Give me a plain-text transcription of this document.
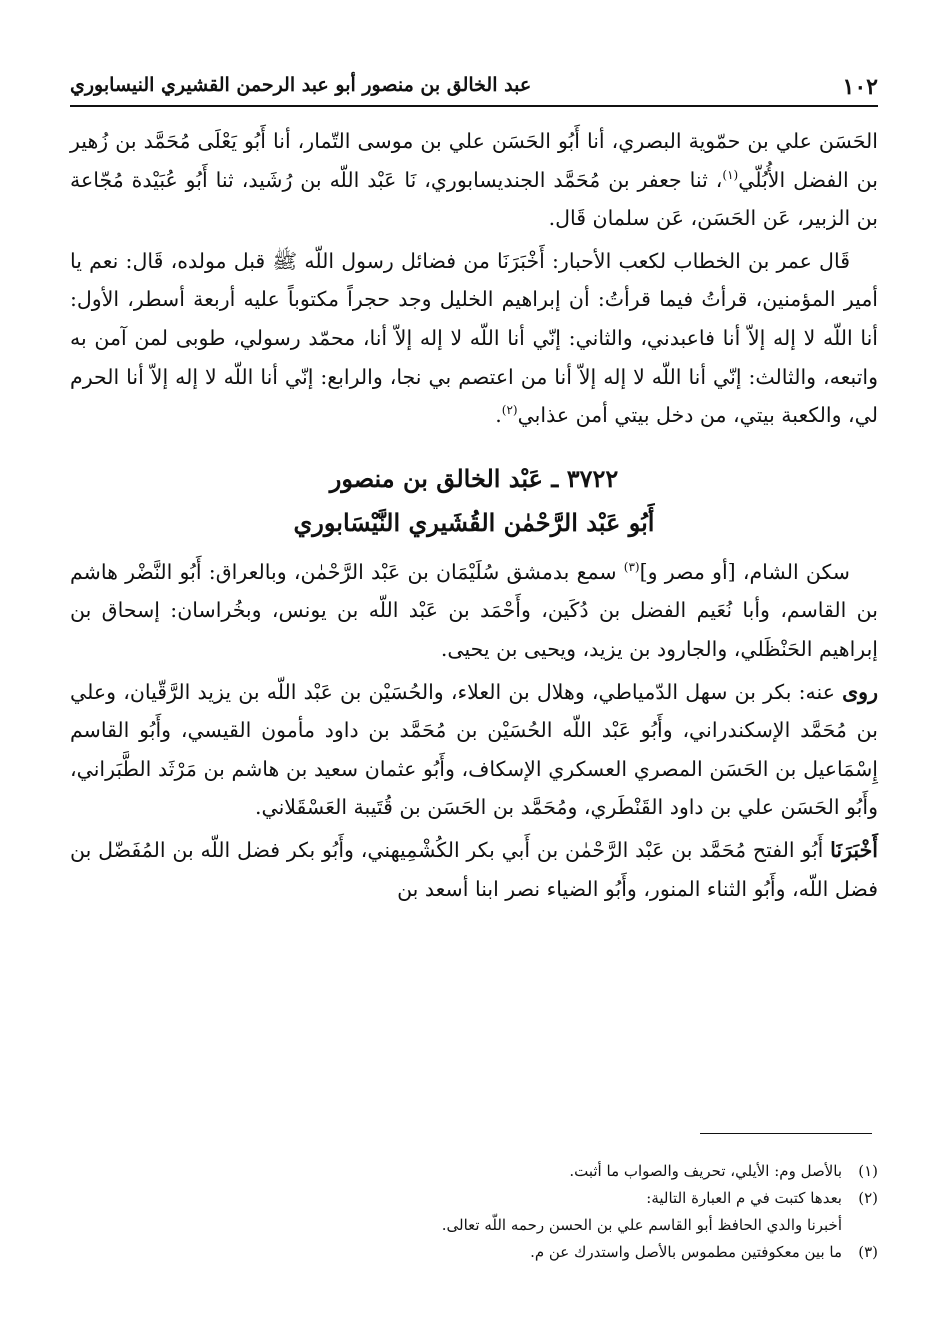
١٠٢
عبد الخالق بن منصور أبو عبد الرحمن القشيري النيسابوري

الحَسَن علي بن حمّوية البصري، أنا أَبُو الحَسَن علي بن موسى التّمار، أنا أَبُو يَعْلَى مُحَمَّد بن زُهير بن الفضل الأُبُلّي$^{(١)}$، ثنا جعفر بن مُحَمَّد الجنديسابوري، نَا عَبْد اللّه بن رُشَيد، ثنا أَبُو عُبَيْدة مُجّاعة بن الزبير، عَن الحَسَن، عَن سلمان قَال.

قَال عمر بن الخطاب لكعب الأحبار: أَخْبَرَنَا من فضائل رسول اللّه ﷺ قبل مولده، قَال: نعم يا أمير المؤمنين، قرأتُ فيما قرأتُ: أن إبراهيم الخليل وجد حجراً مكتوباً عليه أربعة أسطر، الأول: أنا اللّه لا إله إلاّ أنا فاعبدني، والثاني: إنّي أنا اللّه لا إله إلاّ أنا، محمّد رسولي، طوبى لمن آمن به واتبعه، والثالث: إنّي أنا اللّه لا إله إلاّ أنا من اعتصم بي نجا، والرابع: إنّي أنا اللّه لا إله إلاّ أنا الحرم لي، والكعبة بيتي، من دخل بيتي أمن عذابي$^{(٢)}$.

٣٧٢٢ ـ عَبْد الخالق بن منصور
أَبُو عَبْد الرَّحْمٰن القُشَيري النَّيْسَابوري

سكن الشام، [أو مصر و]$^{(٣)}$ سمع بدمشق سُلَيْمَان بن عَبْد الرَّحْمٰن، وبالعراق: أَبُو النَّضْر هاشم بن القاسم، وأبا نُعَيم الفضل بن دُكَين، وأَحْمَد بن عَبْد اللّه بن يونس، وبخُراسان: إسحاق بن إبراهيم الحَنْظَلي، والجارود بن يزيد، ويحيى بن يحيى.

روى عنه: بكر بن سهل الدّمياطي، وهلال بن العلاء، والحُسَيْن بن عَبْد اللّه بن يزيد الرَّقّيان، وعلي بن مُحَمَّد الإسكندراني، وأَبُو عَبْد اللّه الحُسَيْن بن مُحَمَّد بن داود مأمون القيسي، وأَبُو القاسم إِسْمَاعيل بن الحَسَن المصري العسكري الإسكاف، وأَبُو عثمان سعيد بن هاشم بن مَرْثَد الطَّبَراني، وأَبُو الحَسَن علي بن داود القَنْطَري، ومُحَمَّد بن الحَسَن بن قُتَيبة العَسْقَلاني.

أَخْبَرَنَا أَبُو الفتح مُحَمَّد بن عَبْد الرَّحْمٰن بن أَبي بكر الكُشْمِيهني، وأَبُو بكر فضل اللّه بن المُفَضّل بن فضل اللّه، وأَبُو الثناء المنور، وأَبُو الضياء نصر ابنا أسعد بن

(١)
بالأصل وم: الأيلي، تحريف والصواب ما أثبت.
(٢)
بعدها كتبت في م العبارة التالية:
أخبرنا والدي الحافظ أبو القاسم علي بن الحسن رحمه اللّه تعالى.
(٣)
ما بين معكوفتين مطموس بالأصل واستدرك عن م.
